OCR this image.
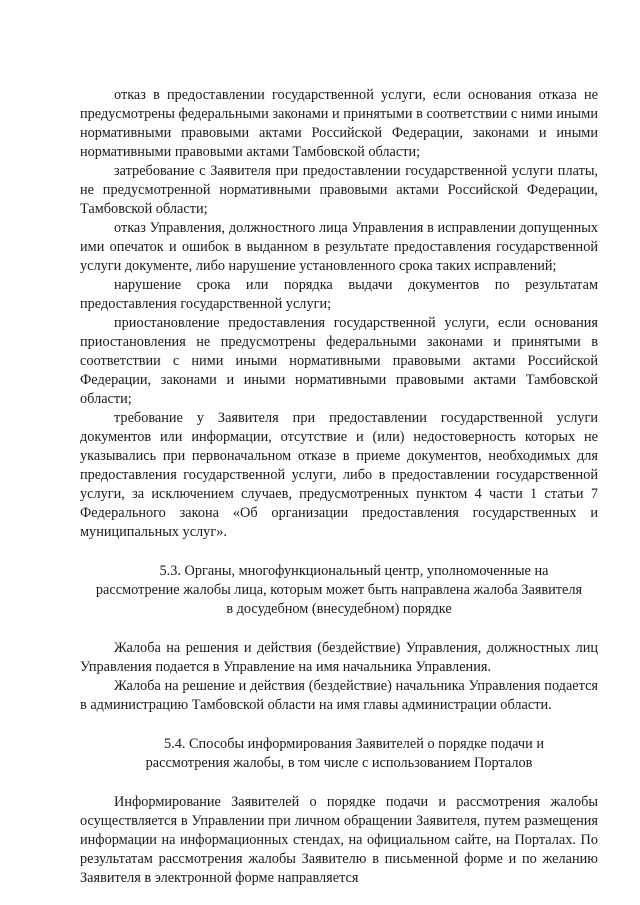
отказ в предоставлении государственной услуги, если основания отказа не предусмотрены федеральными законами и принятыми в соответствии с ними иными нормативными правовыми актами Российской Федерации, законами и иными нормативными правовыми актами Тамбовской области;

затребование с Заявителя при предоставлении государственной услуги платы, не предусмотренной нормативными правовыми актами Российской Федерации, Тамбовской области;

отказ Управления, должностного лица Управления в исправлении допущенных ими опечаток и ошибок в выданном в результате предоставления государственной услуги документе, либо нарушение установленного срока таких исправлений;

нарушение срока или порядка выдачи документов по результатам предоставления государственной услуги;

приостановление предоставления государственной услуги, если основания приостановления не предусмотрены федеральными законами и принятыми в соответствии с ними иными нормативными правовыми актами Российской Федерации, законами и иными нормативными правовыми актами Тамбовской области;

требование у Заявителя при предоставлении государственной услуги документов или информации, отсутствие и (или) недостоверность которых не указывались при первоначальном отказе в приеме документов, необходимых для предоставления государственной услуги, либо в предоставлении государственной услуги, за исключением случаев, предусмотренных пунктом 4 части 1 статьи 7 Федерального закона «Об организации предоставления государственных и муниципальных услуг».

5.3. Органы, многофункциональный центр, уполномоченные на

рассмотрение жалобы лица, которым может быть направлена жалоба Заявителя

в досудебном (внесудебном) порядке

Жалоба на решения и действия (бездействие) Управления, должностных лиц Управления подается в Управление на имя начальника Управления.

Жалоба на решение и действия (бездействие) начальника Управления подается в администрацию Тамбовской области на имя главы администрации области.

5.4. Способы информирования Заявителей о порядке подачи и

рассмотрения жалобы, в том числе с использованием Порталов

Информирование Заявителей о порядке подачи и рассмотрения жалобы осуществляется в Управлении при личном обращении Заявителя, путем размещения информации на информационных стендах, на официальном сайте, на Порталах. По результатам рассмотрения жалобы Заявителю в письменной форме и по желанию Заявителя в электронной форме направляется
